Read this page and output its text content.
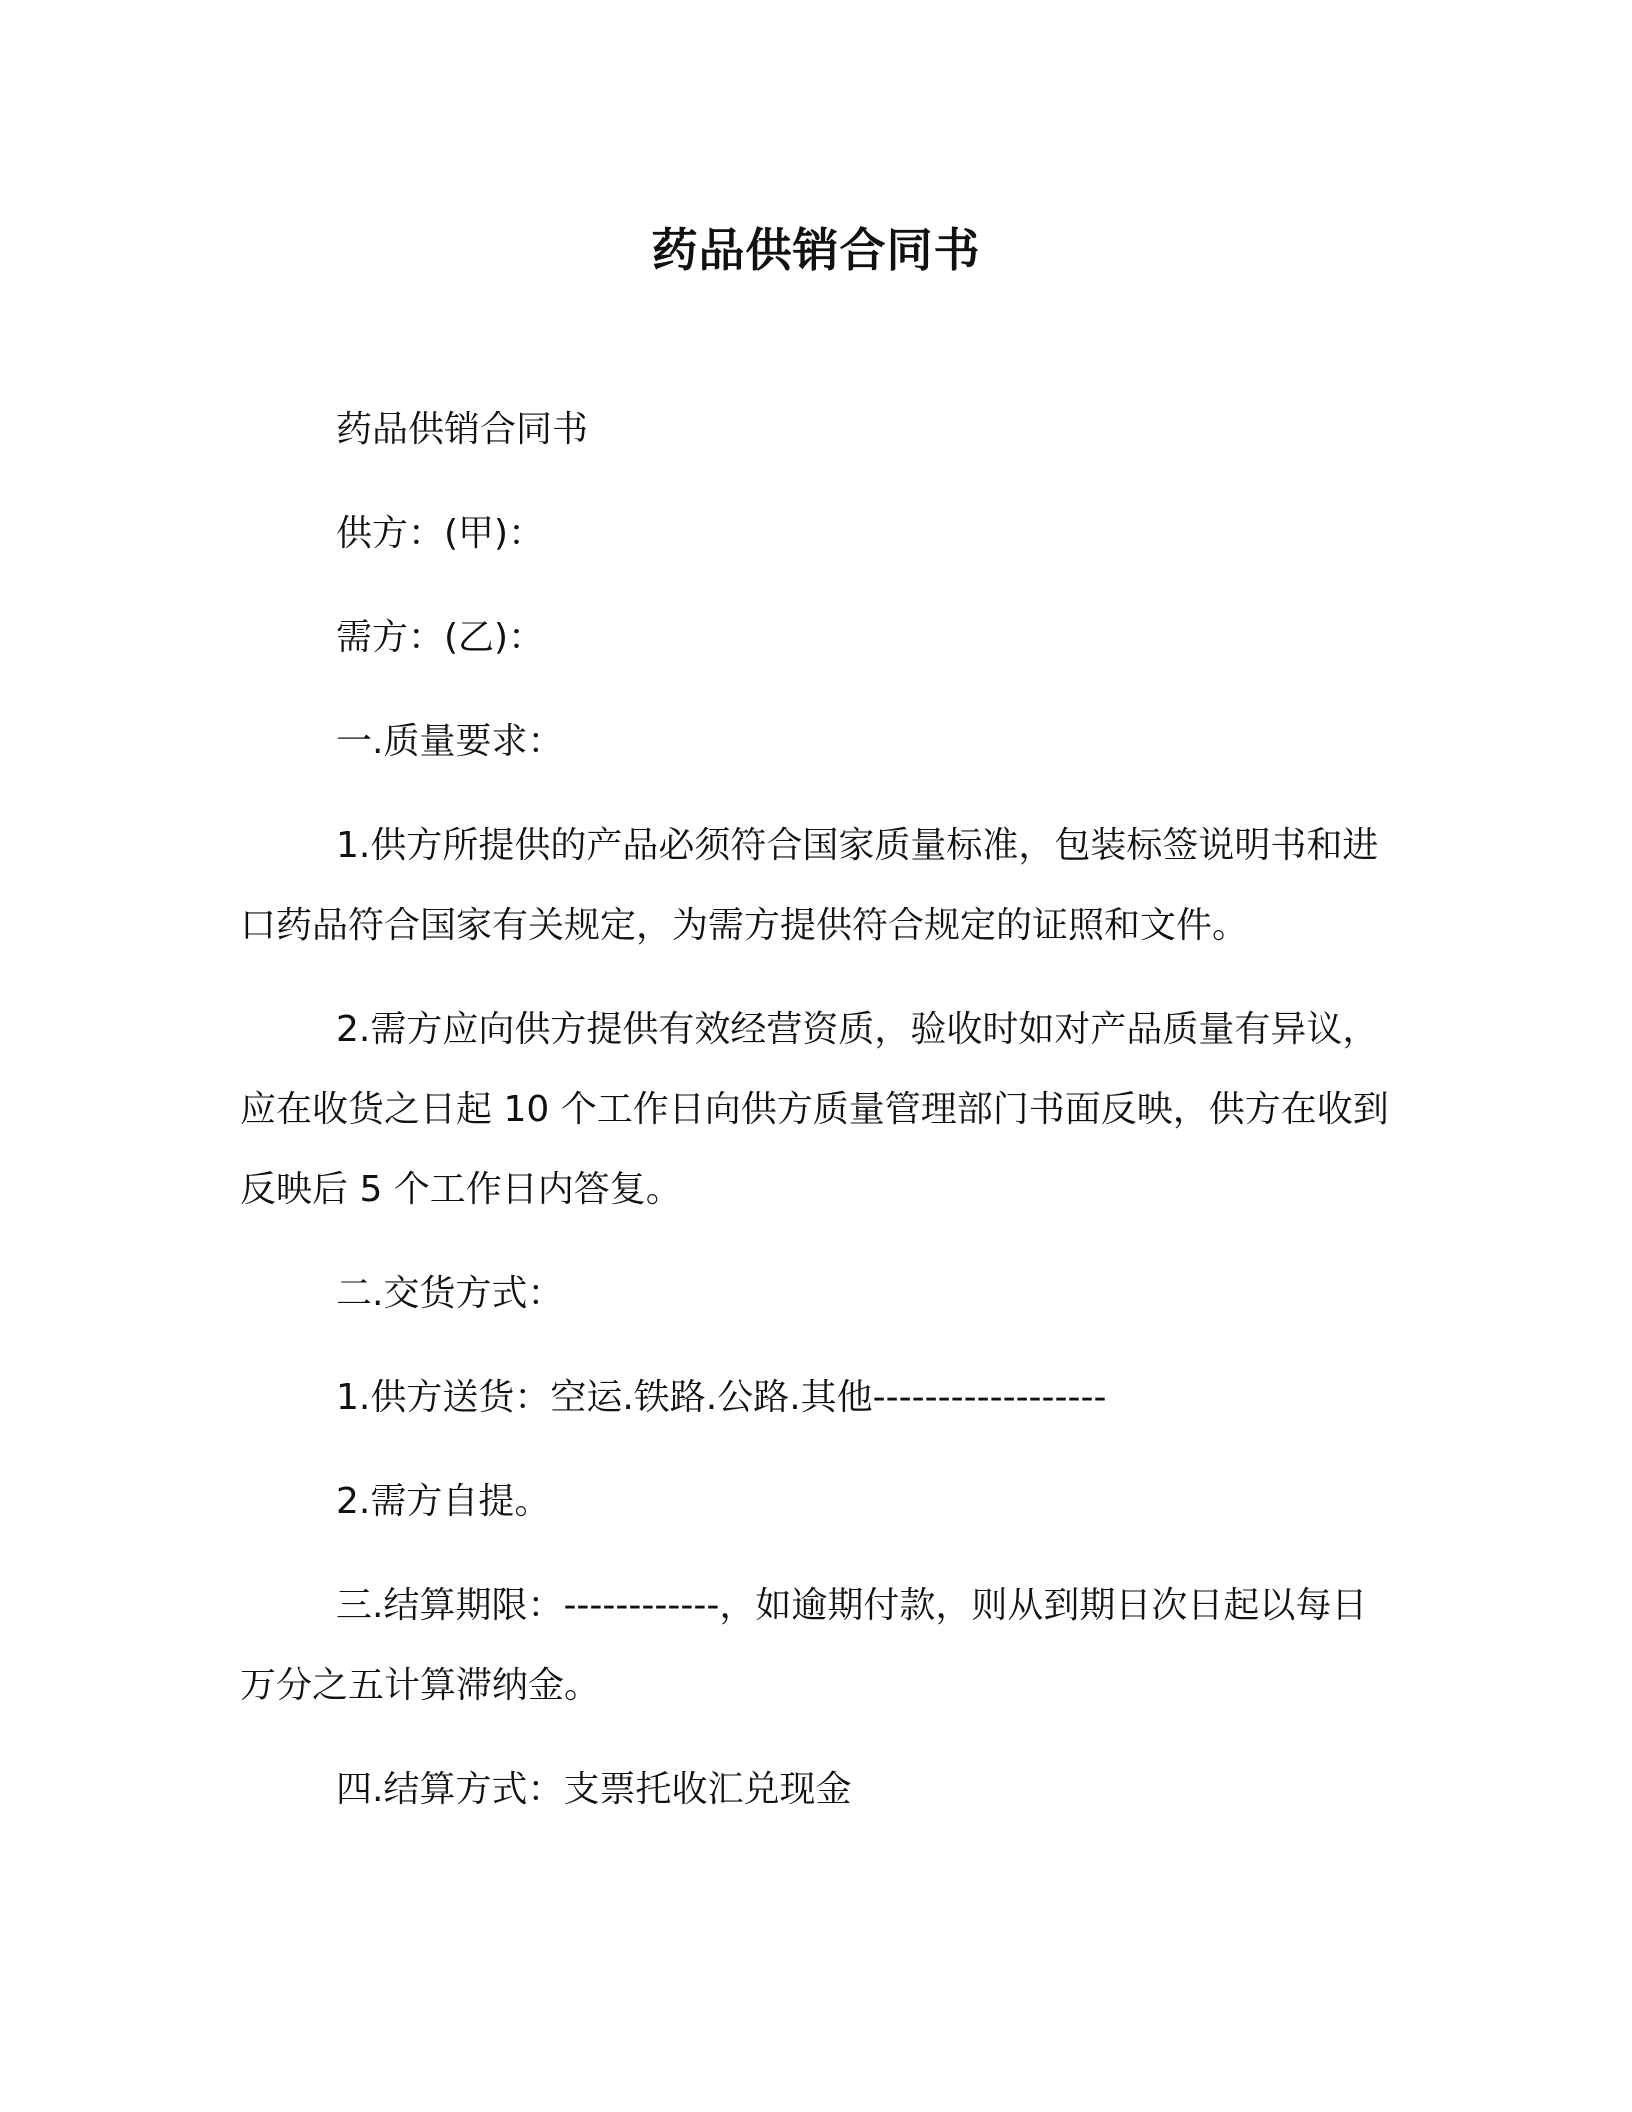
药品供销合同书

药品供销合同书

供方：(甲)：

需方：(乙)：

一.质量要求：

1.供方所提供的产品必须符合国家质量标准，包装标签说明书和进口药品符合国家有关规定，为需方提供符合规定的证照和文件。

2.需方应向供方提供有效经营资质，验收时如对产品质量有异议，应在收货之日起 10 个工作日向供方质量管理部门书面反映，供方在收到反映后 5 个工作日内答复。

二.交货方式：

1.供方送货：空运.铁路.公路.其他------------------

2.需方自提。

三.结算期限：------------，如逾期付款，则从到期日次日起以每日万分之五计算滞纳金。

四.结算方式：支票托收汇兑现金
